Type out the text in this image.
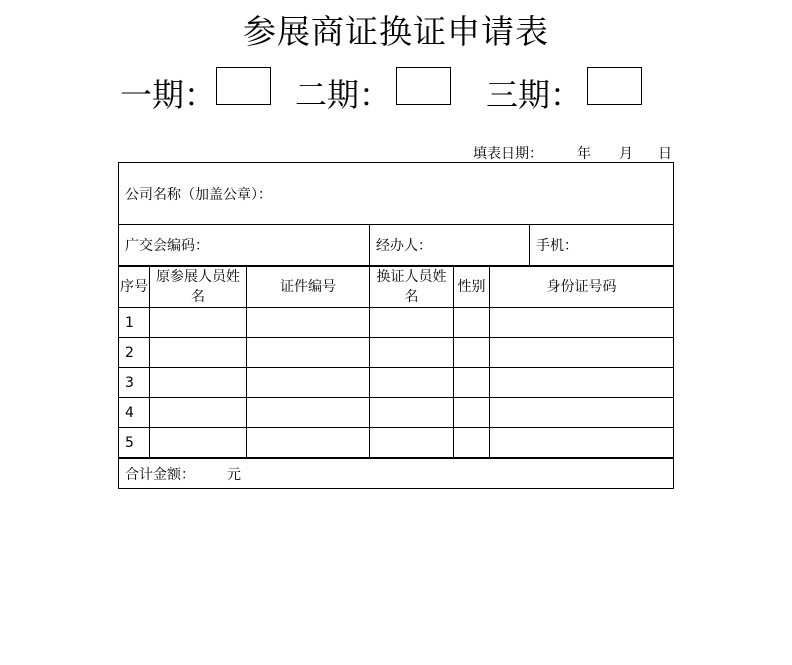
参展商证换证申请表
一期： 二期：	三期：
填表日期： 年 月 日
公司名称（加盖公章）：						
广交会编码：			经办人：			手机：
序号	原参展人员姓名	证件编号	换证人员姓名	性别	身份证号码	
1						
2						
3						
4						
5						
合计金额： 元						
